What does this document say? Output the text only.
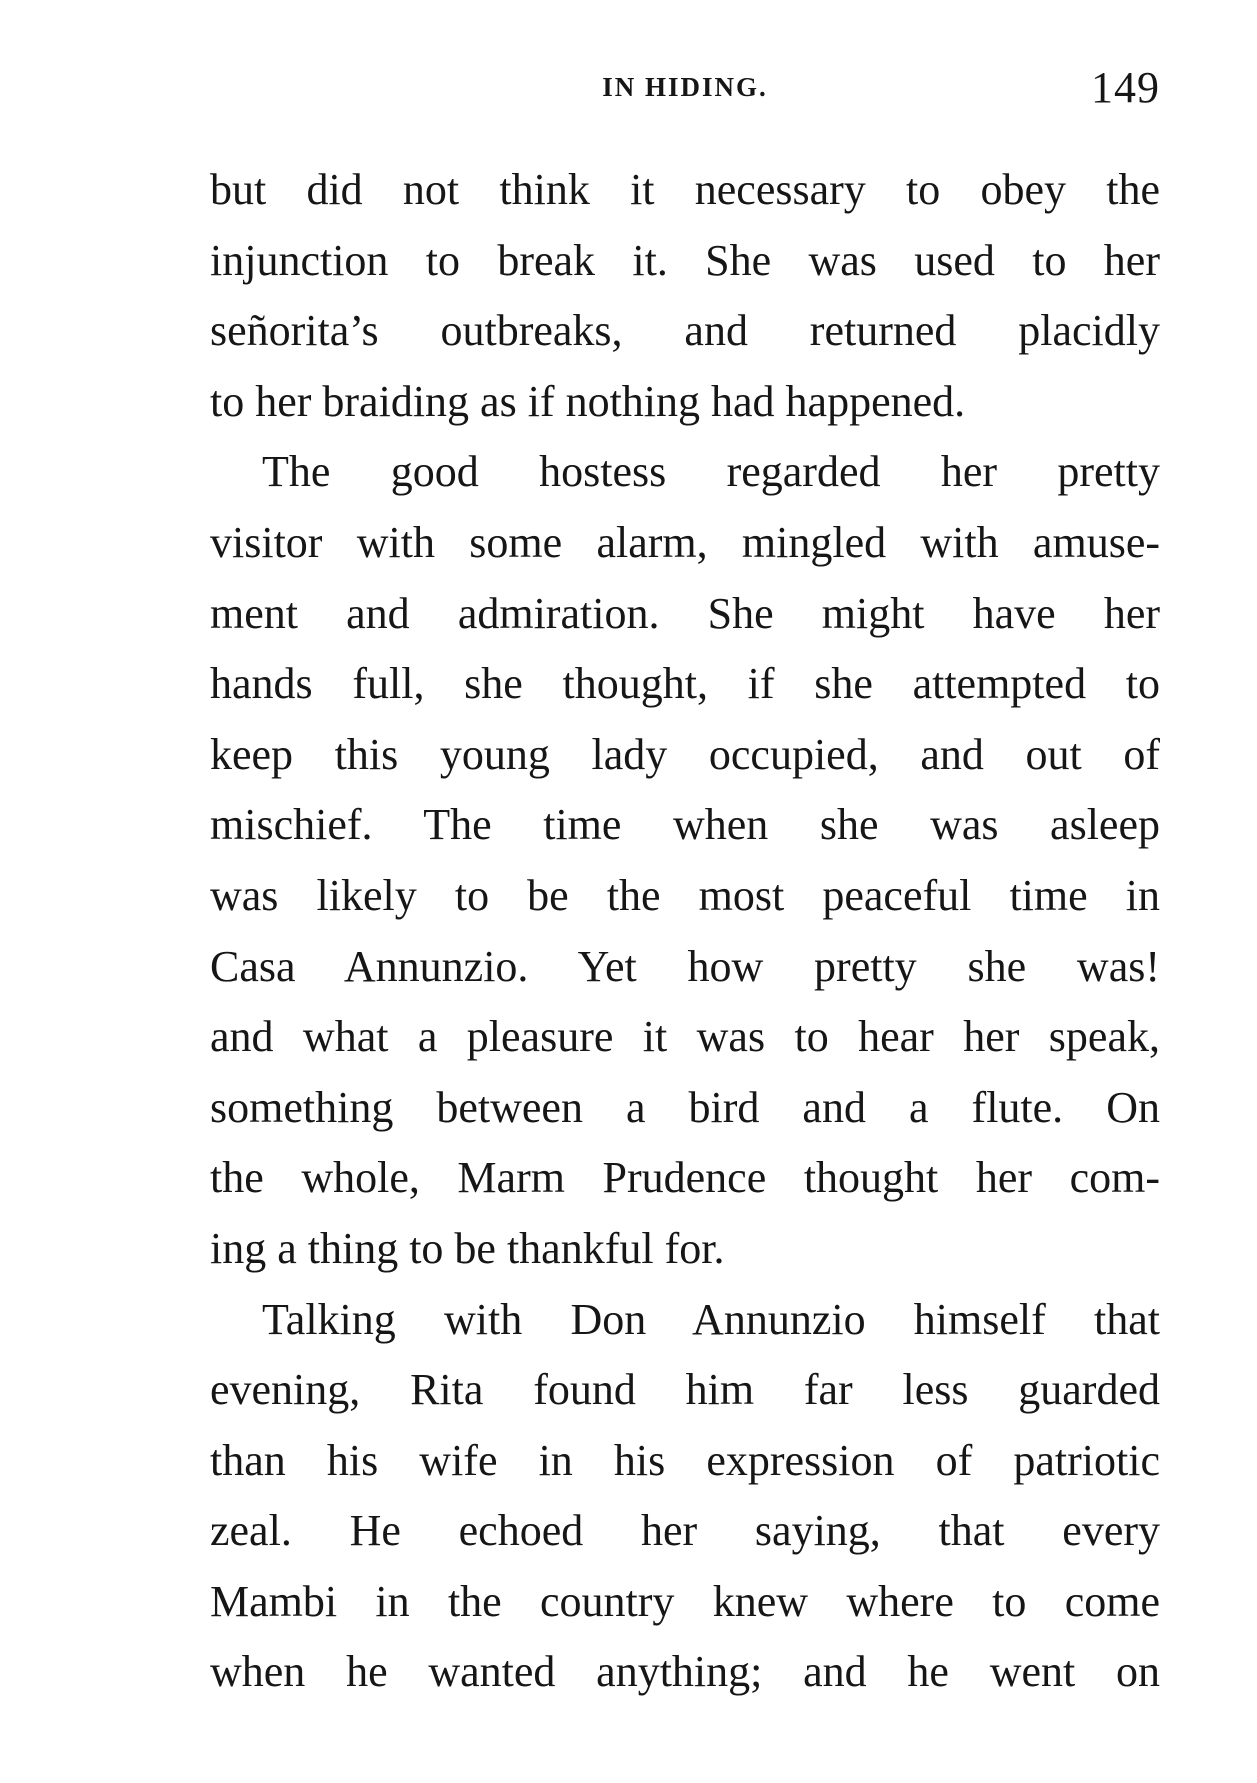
IN HIDING.	149
but did not think it necessary to obey the
injunction to break it. She was used to her
señorita’s outbreaks, and returned placidly
to her braiding as if nothing had happened.
The good hostess regarded her pretty
visitor with some alarm, mingled with amuse-
ment and admiration. She might have her
hands full, she thought, if she attempted to
keep this young lady occupied, and out of
mischief. The time when she was asleep
was likely to be the most peaceful time in
Casa Annunzio. Yet how pretty she was!
and what a pleasure it was to hear her speak,
something between a bird and a flute. On
the whole, Marm Prudence thought her com-
ing a thing to be thankful for.
Talking with Don Annunzio himself that
evening, Rita found him far less guarded
than his wife in his expression of patriotic
zeal. He echoed her saying, that every
Mambi in the country knew where to come
when he wanted anything; and he went on
